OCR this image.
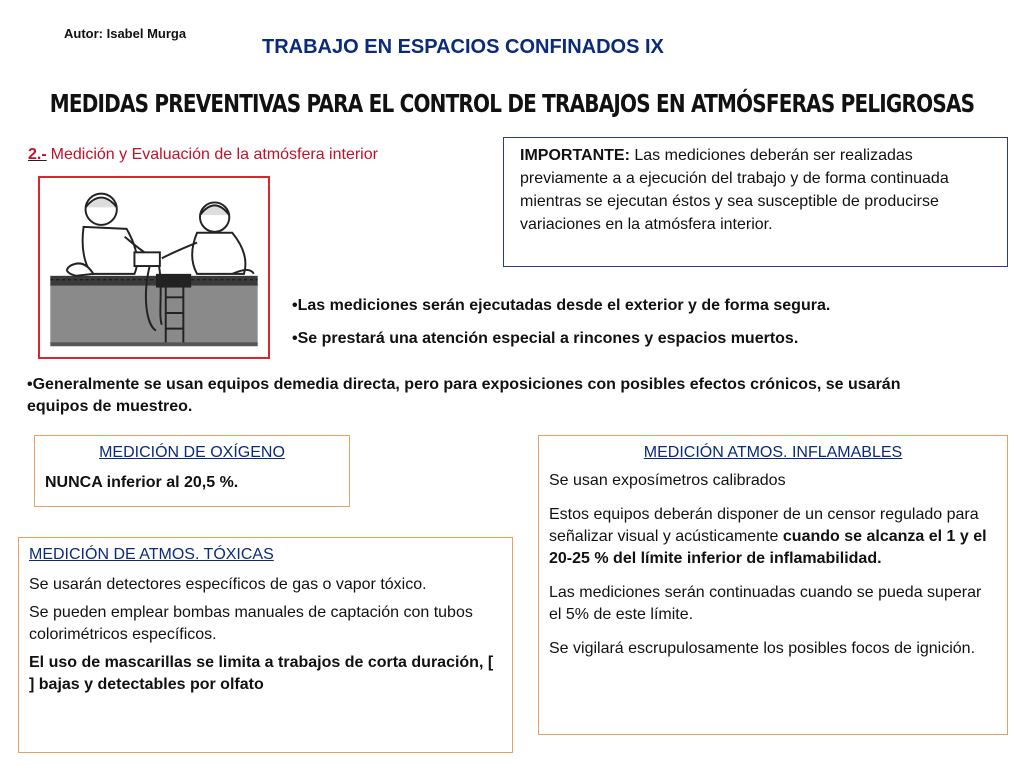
Autor: Isabel Murga
TRABAJO EN ESPACIOS CONFINADOS IX
MEDIDAS PREVENTIVAS PARA EL CONTROL DE TRABAJOS EN ATMÓSFERAS PELIGROSAS
2.- Medición y Evaluación de la atmósfera interior	IMPORTANTE: Las mediciones deberán ser realizadas previamente a a ejecución del trabajo y de forma continuada mientras se ejecutan éstos y sea susceptible de producirse variaciones en la atmósfera interior.
•Las mediciones serán ejecutadas desde el exterior y de forma segura.
•Se prestará una atención especial a rincones y espacios muertos.
•Generalmente se usan equipos demedia directa, pero para exposiciones con posibles efectos crónicos, se usarán equipos de muestreo.
MEDICIÓN DE OXÍGENO
NUNCA inferior al 20,5 %.
MEDICIÓN ATMOS. INFLAMABLES

Se usan exposímetros calibrados

Estos equipos deberán disponer de un censor regulado para señalizar visual y acústicamente cuando se alcanza el 1 y el 20-25 % del límite inferior de inflamabilidad.

Las mediciones serán continuadas cuando se pueda superar el 5% de este límite.

Se vigilará escrupulosamente los posibles focos de ignición.

MEDICIÓN DE ATMOS. TÓXICAS

Se usarán detectores específicos de gas o vapor tóxico.

Se pueden emplear bombas manuales de captación con tubos colorimétricos específicos.

El uso de mascarillas se limita a trabajos de corta duración, [ ] bajas y detectables por olfato
